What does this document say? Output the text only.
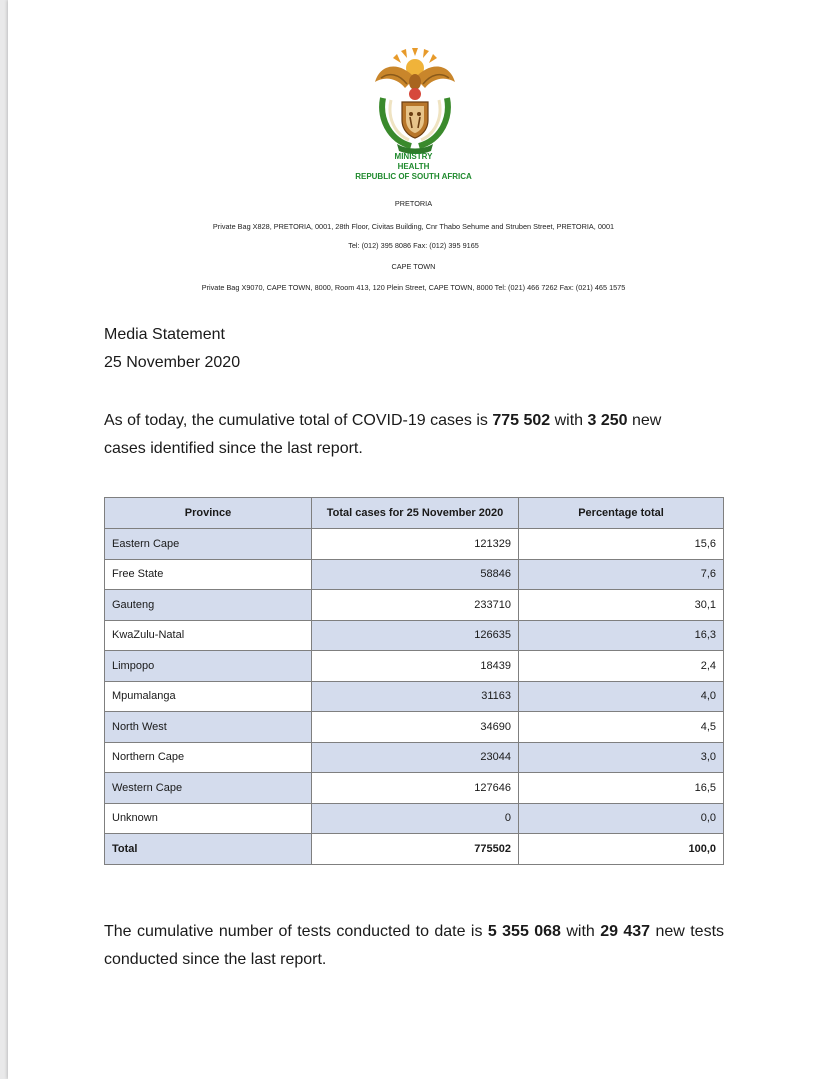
MINISTRY
HEALTH
REPUBLIC OF SOUTH AFRICA
PRETORIA
Private Bag X828, PRETORIA, 0001, 28th Floor, Civitas Building, Cnr Thabo Sehume and Struben Street, PRETORIA, 0001
Tel: (012) 395 8086 Fax: (012) 395 9165
CAPE TOWN
Private Bag X9070, CAPE TOWN, 8000, Room 413, 120 Plein Street, CAPE TOWN, 8000 Tel: (021) 466 7262 Fax: (021) 465 1575
Media Statement
25 November 2020
As of today, the cumulative total of COVID-19 cases is 775 502 with 3 250 new cases identified since the last report.
Province	Total cases for 25 November 2020	Percentage total
Eastern Cape	121329	15,6
Free State	58846	7,6
Gauteng	233710	30,1
KwaZulu-Natal	126635	16,3
Limpopo	18439	2,4
Mpumalanga	31163	4,0
North West	34690	4,5
Northern Cape	23044	3,0
Western Cape	127646	16,5
Unknown	0	0,0
Total	775502	100,0
The cumulative number of tests conducted to date is 5 355 068 with 29 437 new tests conducted since the last report.
